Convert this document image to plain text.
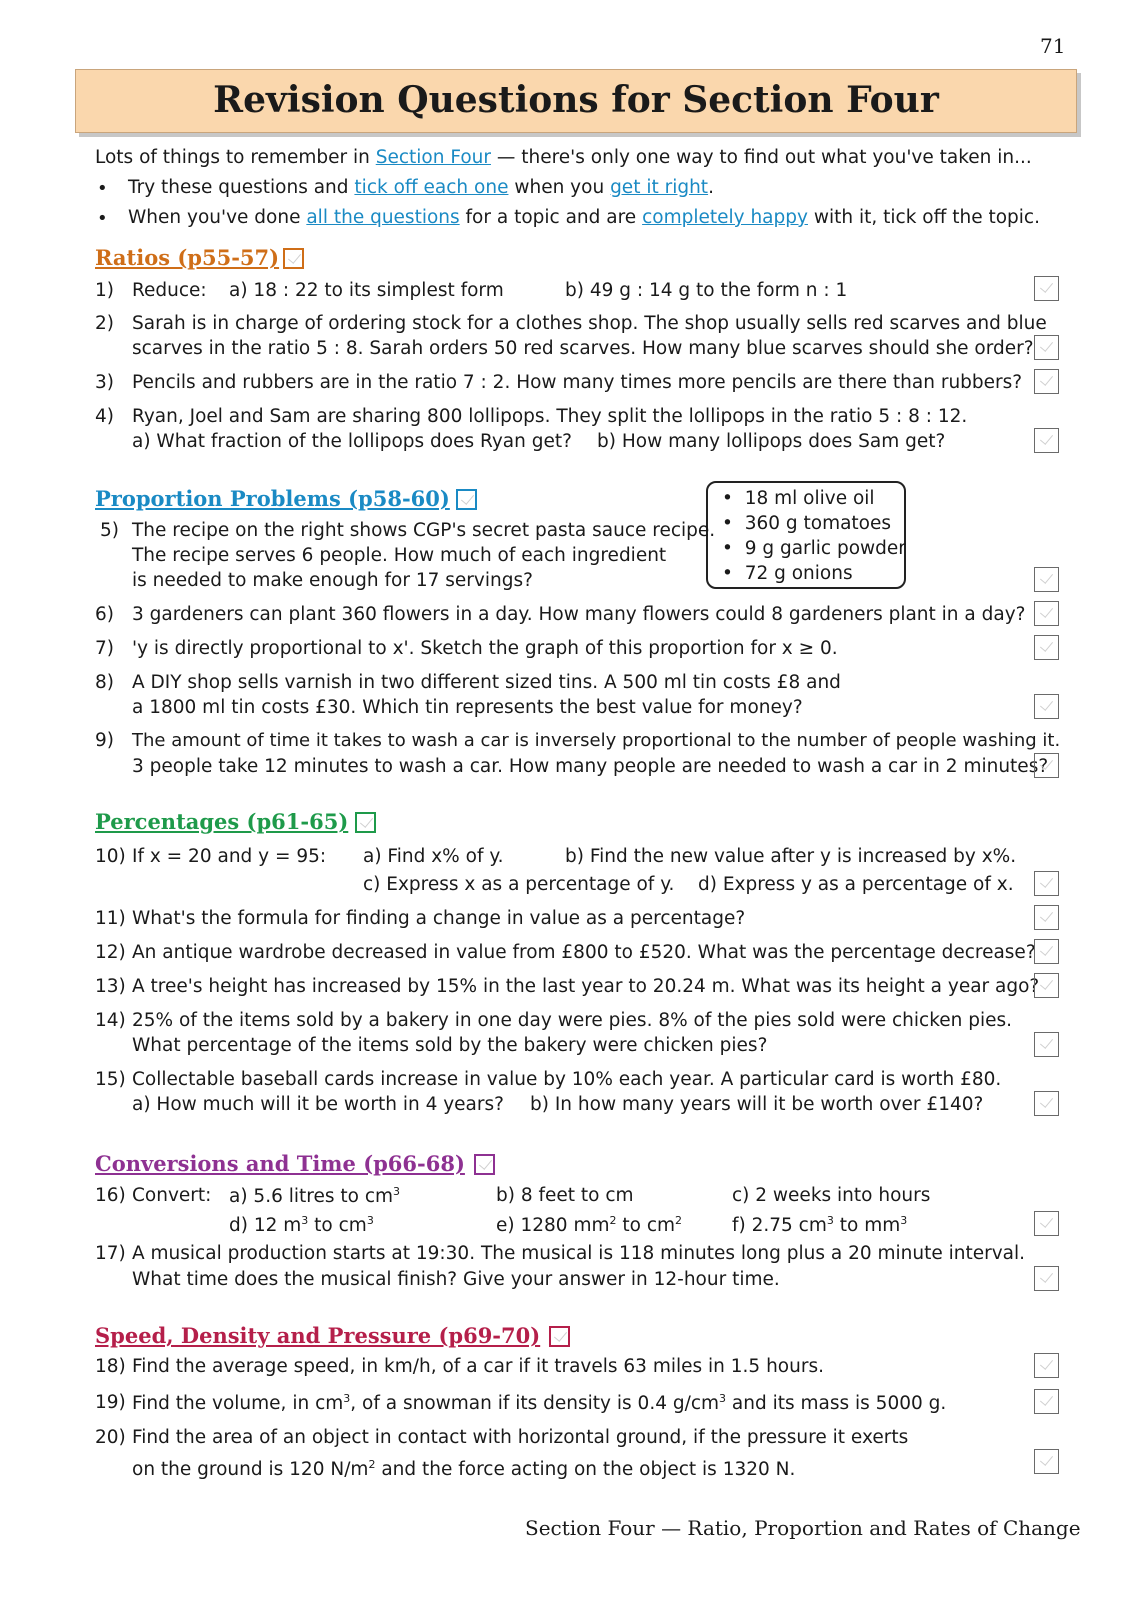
71
Revision Questions for Section Four
Lots of things to remember in Section Four — there's only one way to find out what you've taken in...
• Try these questions and tick off each one when you get it right.
• When you've done all the questions for a topic and are completely happy with it, tick off the topic.
Ratios (p55-57)
1) Reduce: a) 18 : 22 to its simplest form	b) 49 g : 14 g to the form n : 1
2) Sarah is in charge of ordering stock for a clothes shop. The shop usually sells red scarves and blue
scarves in the ratio 5 : 8. Sarah orders 50 red scarves. How many blue scarves should she order?
3) Pencils and rubbers are in the ratio 7 : 2. How many times more pencils are there than rubbers?
4) Ryan, Joel and Sam are sharing 800 lollipops. They split the lollipops in the ratio 5 : 8 : 12.
a) What fraction of the lollipops does Ryan get? b) How many lollipops does Sam get?
Proportion Problems (p58-60)	•  18 ml olive oil
•  360 g tomatoes
•  9 g garlic powder
•  72 g onions
5) The recipe on the right shows CGP's secret pasta sauce recipe.
The recipe serves 6 people. How much of each ingredient
is needed to make enough for 17 servings?
6) 3 gardeners can plant 360 flowers in a day. How many flowers could 8 gardeners plant in a day?
7) 'y is directly proportional to x'. Sketch the graph of this proportion for x ≥ 0.
8) A DIY shop sells varnish in two different sized tins. A 500 ml tin costs £8 and
a 1800 ml tin costs £30. Which tin represents the best value for money?
9) The amount of time it takes to wash a car is inversely proportional to the number of people washing it.
3 people take 12 minutes to wash a car. How many people are needed to wash a car in 2 minutes?
Percentages (p61-65)
10) If x = 20 and y = 95: a) Find x% of y.	b) Find the new value after y is increased by x%.
c) Express x as a percentage of y. d) Express y as a percentage of x.
11) What's the formula for finding a change in value as a percentage?
12) An antique wardrobe decreased in value from £800 to £520. What was the percentage decrease?
13) A tree's height has increased by 15% in the last year to 20.24 m. What was its height a year ago?
14) 25% of the items sold by a bakery in one day were pies. 8% of the pies sold were chicken pies.
What percentage of the items sold by the bakery were chicken pies?
15) Collectable baseball cards increase in value by 10% each year. A particular card is worth £80.
a) How much will it be worth in 4 years? b) In how many years will it be worth over £140?
Conversions and Time (p66-68)
16) Convert: a) 5.6 litres to $cm^3$	b) 8 feet to cm	c) 2 weeks into hours
d) 12 $m^3$ to $cm^3$	e) 1280 $mm^2$ to $cm^2$	f) 2.75 $cm^3$ to $mm^3$
17) A musical production starts at 19:30. The musical is 118 minutes long plus a 20 minute interval.
What time does the musical finish? Give your answer in 12-hour time.
Speed, Density and Pressure (p69-70)
18) Find the average speed, in km/h, of a car if it travels 63 miles in 1.5 hours.
19) Find the volume, in $cm^3$, of a snowman if its density is 0.4 $g/cm^3$ and its mass is 5000 g.
20) Find the area of an object in contact with horizontal ground, if the pressure it exerts
on the ground is 120 $N/m^2$ and the force acting on the object is 1320 N.
Section Four — Ratio, Proportion and Rates of Change
